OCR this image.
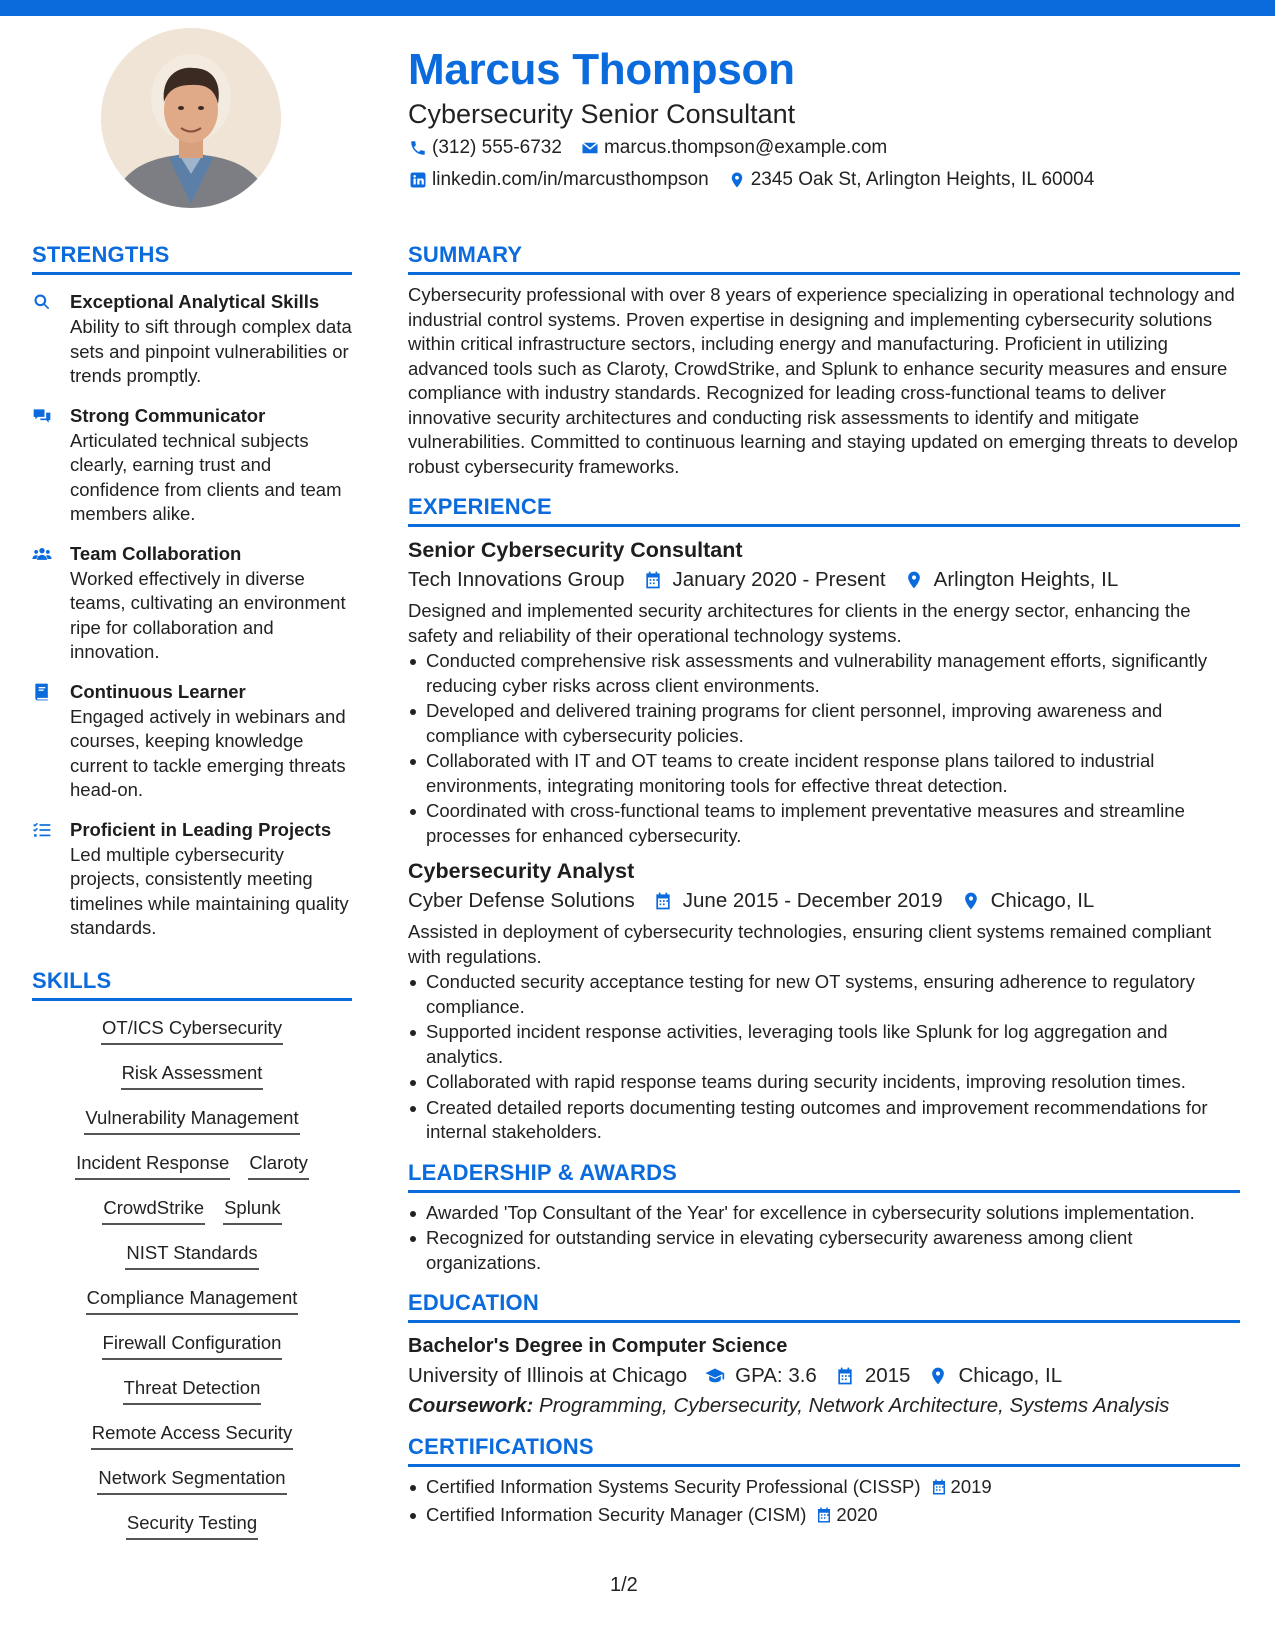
Marcus Thompson
Cybersecurity Senior Consultant
(312) 555-6732 marcus.thompson@example.com
linkedin.com/in/marcusthompson 2345 Oak St, Arlington Heights, IL 60004
STRENGTHS
Exceptional Analytical Skills
Ability to sift through complex data sets and pinpoint vulnerabilities or trends promptly.
Strong Communicator
Articulated technical subjects clearly, earning trust and confidence from clients and team members alike.
Team Collaboration
Worked effectively in diverse teams, cultivating an environment ripe for collaboration and innovation.
Continuous Learner
Engaged actively in webinars and courses, keeping knowledge current to tackle emerging threats head-on.
Proficient in Leading Projects
Led multiple cybersecurity projects, consistently meeting timelines while maintaining quality standards.
SKILLS
OT/ICS Cybersecurity
Risk Assessment
Vulnerability Management
Incident Response Claroty
CrowdStrike Splunk
NIST Standards
Compliance Management
Firewall Configuration
Threat Detection
Remote Access Security
Network Segmentation
Security Testing
SUMMARY
Cybersecurity professional with over 8 years of experience specializing in operational technology and industrial control systems. Proven expertise in designing and implementing cybersecurity solutions within critical infrastructure sectors, including energy and manufacturing. Proficient in utilizing advanced tools such as Claroty, CrowdStrike, and Splunk to enhance security measures and ensure compliance with industry standards. Recognized for leading cross-functional teams to deliver innovative security architectures and conducting risk assessments to identify and mitigate vulnerabilities. Committed to continuous learning and staying updated on emerging threats to develop robust cybersecurity frameworks.
EXPERIENCE
Senior Cybersecurity Consultant
Tech Innovations Group January 2020 - Present Arlington Heights, IL
Designed and implemented security architectures for clients in the energy sector, enhancing the safety and reliability of their operational technology systems.
Conducted comprehensive risk assessments and vulnerability management efforts, significantly reducing cyber risks across client environments.
Developed and delivered training programs for client personnel, improving awareness and compliance with cybersecurity policies.
Collaborated with IT and OT teams to create incident response plans tailored to industrial environments, integrating monitoring tools for effective threat detection.
Coordinated with cross-functional teams to implement preventative measures and streamline processes for enhanced cybersecurity.
Cybersecurity Analyst
Cyber Defense Solutions June 2015 - December 2019 Chicago, IL
Assisted in deployment of cybersecurity technologies, ensuring client systems remained compliant with regulations.
Conducted security acceptance testing for new OT systems, ensuring adherence to regulatory compliance.
Supported incident response activities, leveraging tools like Splunk for log aggregation and analytics.
Collaborated with rapid response teams during security incidents, improving resolution times.
Created detailed reports documenting testing outcomes and improvement recommendations for internal stakeholders.
LEADERSHIP & AWARDS
Awarded 'Top Consultant of the Year' for excellence in cybersecurity solutions implementation.
Recognized for outstanding service in elevating cybersecurity awareness among client organizations.
EDUCATION
Bachelor's Degree in Computer Science
University of Illinois at Chicago GPA: 3.6 2015 Chicago, IL
Coursework: Programming, Cybersecurity, Network Architecture, Systems Analysis
CERTIFICATIONS
Certified Information Systems Security Professional (CISSP) 2019
Certified Information Security Manager (CISM) 2020
1/2
